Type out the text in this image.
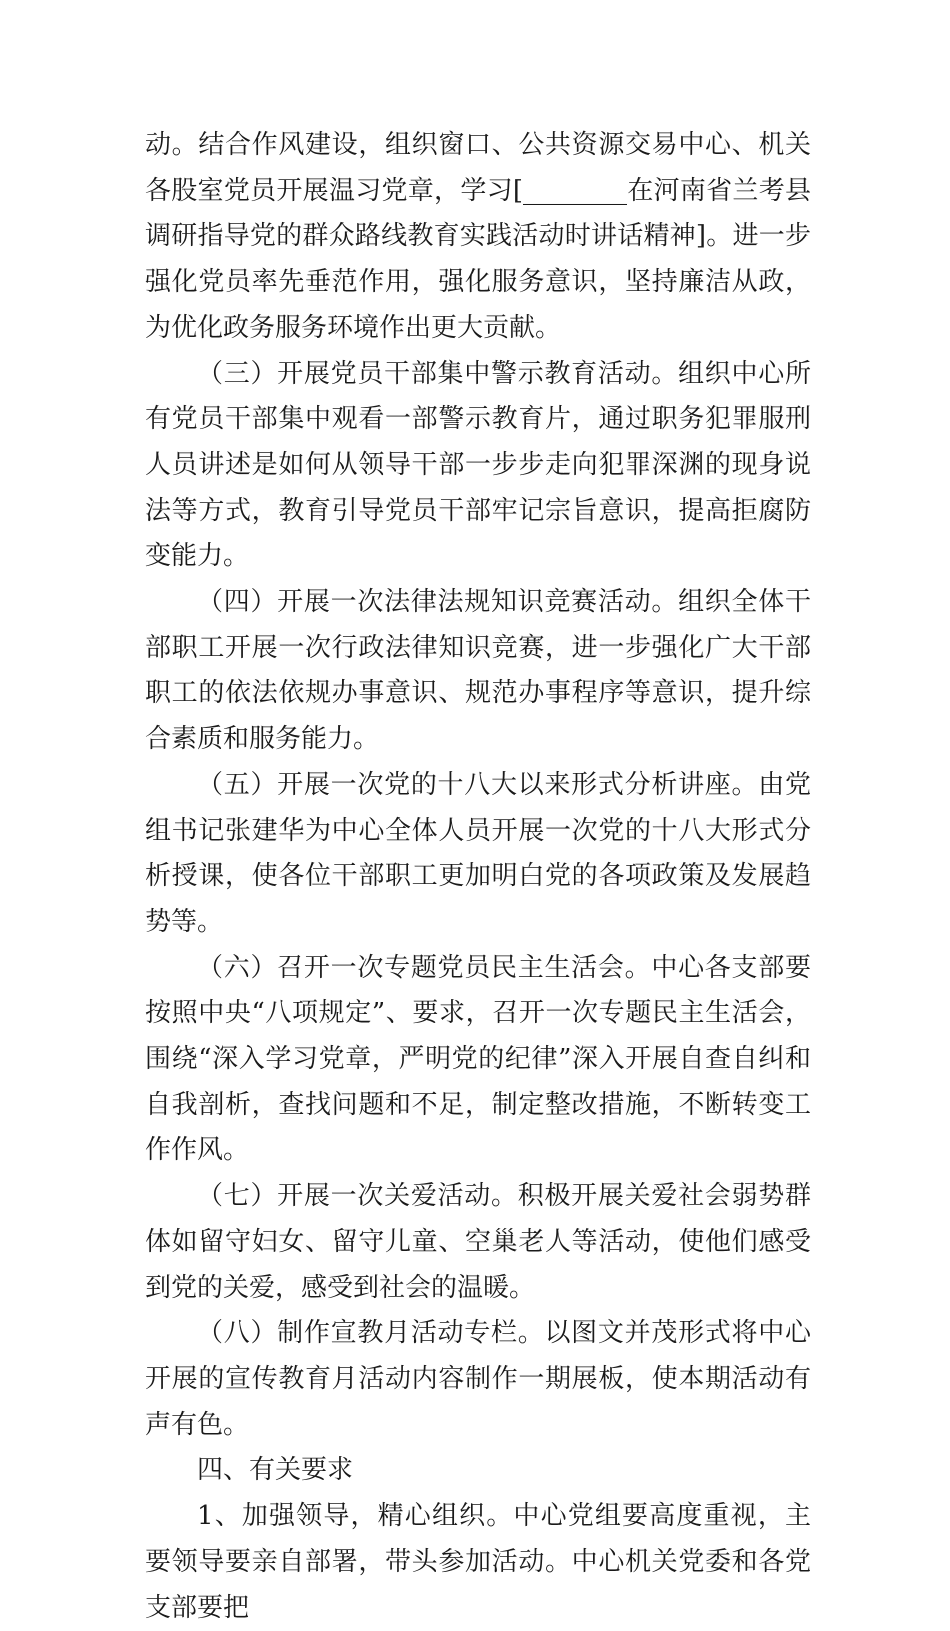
动。结合作风建设，组织窗口、公共资源交易中心、机关各股室党员开展温习党章，学习[________在河南省兰考县调研指导党的群众路线教育实践活动时讲话精神]。进一步强化党员率先垂范作用，强化服务意识，坚持廉洁从政，为优化政务服务环境作出更大贡献。

（三）开展党员干部集中警示教育活动。组织中心所有党员干部集中观看一部警示教育片，通过职务犯罪服刑人员讲述是如何从领导干部一步步走向犯罪深渊的现身说法等方式，教育引导党员干部牢记宗旨意识，提高拒腐防变能力。

（四）开展一次法律法规知识竞赛活动。组织全体干部职工开展一次行政法律知识竞赛，进一步强化广大干部职工的依法依规办事意识、规范办事程序等意识，提升综合素质和服务能力。

（五）开展一次党的十八大以来形式分析讲座。由党组书记张建华为中心全体人员开展一次党的十八大形式分析授课，使各位干部职工更加明白党的各项政策及发展趋势等。

（六）召开一次专题党员民主生活会。中心各支部要按照中央“八项规定”、要求，召开一次专题民主生活会，围绕“深入学习党章，严明党的纪律”深入开展自查自纠和自我剖析，查找问题和不足，制定整改措施，不断转变工作作风。

（七）开展一次关爱活动。积极开展关爱社会弱势群体如留守妇女、留守儿童、空巢老人等活动，使他们感受到党的关爱，感受到社会的温暖。

（八）制作宣教月活动专栏。以图文并茂形式将中心开展的宣传教育月活动内容制作一期展板，使本期活动有声有色。

四、有关要求

1、加强领导，精心组织。中心党组要高度重视，主要领导要亲自部署，带头参加活动。中心机关党委和各党支部要把
